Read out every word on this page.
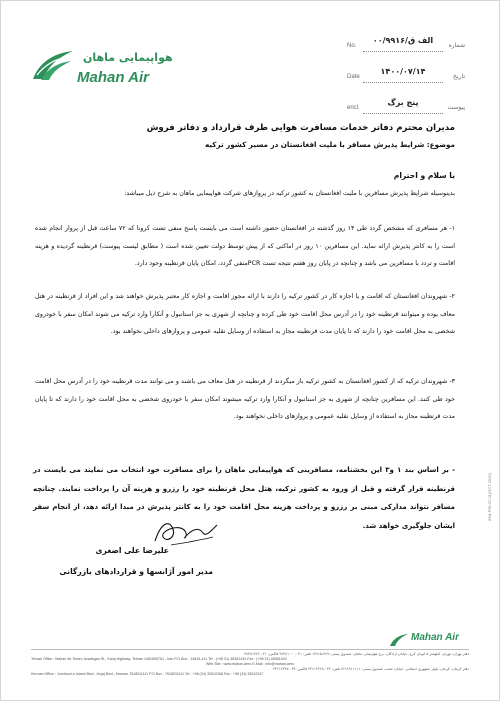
هواپیمایی ماهان
Mahan Air
No.
الف ق/۰۰/۹۹۱۶
شماره
Date
۱۴۰۰/۰۷/۱۴
تاریخ
encl.
پنج برگ
پیوست
مدیران محترم دفاتر خدمات مسافرت هوایی طرف قرارداد و دفاتر فروش
موضوع: شرایط پذیرش مسافر با ملیت افغانستان در مسیر کشور ترکیه
با سلام و احترام
بدینوسیله شرایط پذیرش مسافرین با ملیت افغانستان به کشور ترکیه در پروازهای شرکت هواپیمایی ماهان به شرح ذیل میباشد:
۱- هر مسافری که مشخص گردد طی ۱۴ روز گذشته در افغانستان حضور داشته است می بایست پاسخ منفی تست کرونا که ۷۲ ساعت قبل از پرواز انجام شده است را به کانتر پذیرش ارائه نماید. این مسافرین ۱۰ روز در اماکنی که از پیش توسط دولت تعیین شده است ( مطابق لیست پیوست) قرنطینه گردیده و هزینه اقامت و تردد با مسافرین می باشد و چنانچه در پایان روز هفتم نتیجه تست PCRمنفی گردد، امکان پایان قرنطینه وجود دارد.
۲- شهروندان افغانستان که اقامت و یا اجازه کار در کشور ترکیه را دارند با ارائه مجوز اقامت و اجازه کار معتبر پذیرش خواهند شد و این افراد از قرنطینه در هتل معاف بوده و میتوانند قرنطینه خود را در آدرس محل اقامت خود طی کرده و چنانچه از شهری به جز استانبول و آنکارا وارد ترکیه می شوند امکان سفر با خودروی شخصی به محل اقامت خود را دارند که تا پایان مدت قرنطینه مجاز به استفاده از وسایل نقلیه عمومی و پروازهای داخلی نخواهند بود.
۳- شهروندان ترکیه که از کشور افغانستان به کشور ترکیه باز میگردند از قرنطینه در هتل معاف می باشند و می توانند مدت قرنطینه خود را در آدرس محل اقامت خود طی کنند. این مسافرین چنانچه از شهری به جز استانبول و آنکارا وارد ترکیه میشوند امکان سفر با خودروی شخصی به محل اقامت خود را دارند که تا پایان مدت قرنطینه مجاز به استفاده از وسایل نقلیه عمومی و پروازهای داخلی نخواهند بود.
- بر اساس بند ۱ و۳ این بخشنامه، مسافرینی که هواپیمایی ماهان را برای مسافرت خود انتخاب می نمایند می بایست در قرنطینه قرار گرفته و قبل از ورود به کشور ترکیه، هتل محل قرنطینه خود را رزرو و هزینه آن را پرداخت نمایند. چنانچه مسافر نتواند مدارکی مبنی بر رزرو و پرداخت هزینه محل اقامت خود را به کانتر پذیرش در مبدا ارائه دهد، از انجام سفر ایشان جلوگیری خواهد شد.
علیرضا علی اصغری
مدیر امور آژانسها و قراردادهای بازرگانی
IRM-PRI-07-01(OCT 2016)
Mahan Air
دفتر تهران: تهران، کیلومتر ۵ اتوبان کرج، خیابان آزادگان، برج هواپیمایی ماهان، صندوق پستی: ۴۸۹-۱۴۸۱۵ تلفن: ۰۲۱-۴۸۳۸۱۰۰۰ فاکس: ۰۲۱-۴۸۳۸۱۴۲۶
Tehran Office : Mahan Air Tower, Azadegan St., Karaj Highway, Tehran 1481655761 - Iran P.O.Box : 14815-411 Tel : (+98 21) 48381434 Fax : (+98 21) 48381400
Web Site : www.mahan.aero E-Mail : info@mahan.aero
دفتر کرمان: کرمان، بلوار جمهوری اسلامی، خیابان حجت، صندوق پستی: ۷۶۱۸۹۱۱۱۱۱ تلفن: ۰۳۴-۳۲۶۱۲۲۶۸ فاکس: ۰۳۴-۳۲۶۱۲۲۴۷
Kerman Office : Jomhoori-e-Islami Blvd., Hojaj Blvd., Kerman 7618911111 P.O.Box : 7618911111 Tel : +98 (34) 32612268 Fax : +98 (34) 32612247
